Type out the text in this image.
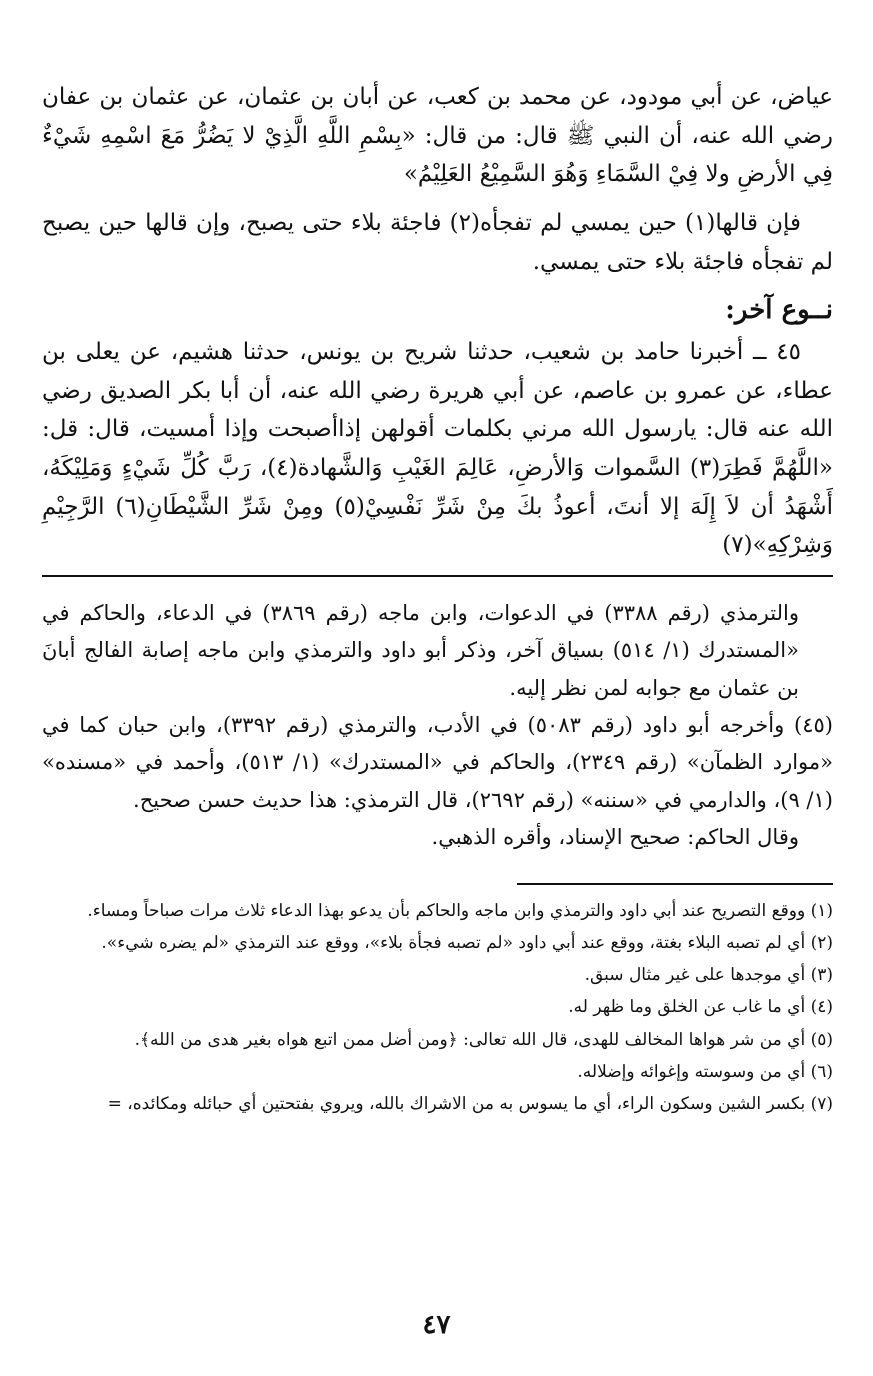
عياض، عن أبي مودود، عن محمد بن كعب، عن أبان بن عثمان، عن عثمان بن عفان رضي الله عنه، أن النبي ﷺ قال: من قال: «بِسْمِ اللَّهِ الَّذِيْ لا يَضُرُّ مَعَ اسْمِهِ شَيْءٌ فِي الأرضِ ولا فِيْ السَّمَاءِ وَهُوَ السَّمِيْعُ العَلِيْمُ»

فإن قالها(١) حين يمسي لم تفجأه(٢) فاجئة بلاء حتى يصبح، وإن قالها حين يصبح لم تفجأه فاجئة بلاء حتى يمسي.

نــوع آخر:

٤٥ ــ أخبرنا حامد بن شعيب، حدثنا شريح بن يونس، حدثنا هشيم، عن يعلى بن عطاء، عن عمرو بن عاصم، عن أبي هريرة رضي الله عنه، أن أبا بكر الصديق رضي الله عنه قال: يارسول الله مرني بكلمات أقولهن إذاأصبحت وإذا أمسيت، قال: قل: «اللَّهُمَّ فَطِرَ(٣) السَّموات وَالأرضِ، عَالِمَ الغَيْبِ وَالشَّهادة(٤)، رَبَّ كُلِّ شَيْءٍ وَمَلِيْكَهُ، أَشْهَدُ أن لاَ إِلَهَ إلا أنتَ، أعوذُ بكَ مِنْ شَرِّ نَفْسِيْ(٥) ومِنْ شَرِّ الشَّيْطَانِ(٦) الرَّجِيْمِ وَشِرْكِهِ»(٧)

والترمذي (رقم ٣٣٨٨) في الدعوات، وابن ماجه (رقم ٣٨٦٩) في الدعاء، والحاكم في «المستدرك (١/ ٥١٤) بسياق آخر، وذكر أبو داود والترمذي وابن ماجه إصابة الفالج أبانَ بن عثمان مع جوابه لمن نظر إليه.

(٤٥) وأخرجه أبو داود (رقم ٥٠٨٣) في الأدب، والترمذي (رقم ٣٣٩٢)، وابن حبان كما في «موارد الظمآن» (رقم ٢٣٤٩)، والحاكم في «المستدرك» (١/ ٥١٣)، وأحمد في «مسنده» (١/ ٩)، والدارمي في «سننه» (رقم ٢٦٩٢)، قال الترمذي: هذا حديث حسن صحيح.

وقال الحاكم: صحيح الإسناد، وأقره الذهبي.

(١) ووقع التصريح عند أبي داود والترمذي وابن ماجه والحاكم بأن يدعو بهذا الدعاء ثلاث مرات صباحاً ومساء.

(٢) أي لم تصبه البلاء بغتة، ووقع عند أبي داود «لم تصبه فجأة بلاء»، ووقع عند الترمذي «لم يضره شيء».

(٣) أي موجدها على غير مثال سبق.

(٤) أي ما غاب عن الخلق وما ظهر له.

(٥) أي من شر هواها المخالف للهدى، قال الله تعالى: ﴿ومن أضل ممن اتبع هواه بغير هدى من الله﴾.

(٦) أي من وسوسته وإغوائه وإضلاله.

(٧) بكسر الشين وسكون الراء، أي ما يسوس به من الاشراك بالله، ويروي بفتحتين أي حبائله ومكائده، =

٤٧
